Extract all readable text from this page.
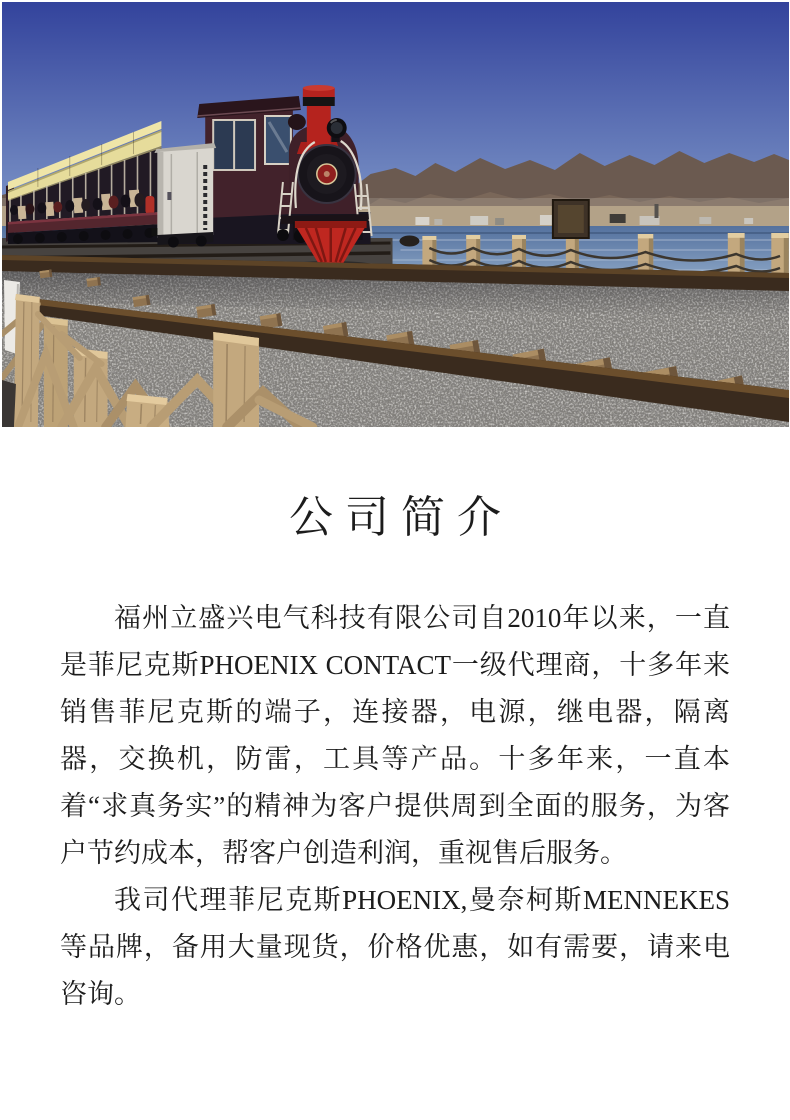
公司简介

福州立盛兴电气科技有限公司自2010年以来，一直是菲尼克斯PHOENIX CONTACT一级代理商，十多年来销售菲尼克斯的端子，连接器，电源，继电器，隔离器，交换机，防雷，工具等产品。十多年来，一直本着“求真务实”的精神为客户提供周到全面的服务，为客户节约成本，帮客户创造利润，重视售后服务。

我司代理菲尼克斯PHOENIX,曼奈柯斯MENNEKES等品牌，备用大量现货，价格优惠，如有需要，请来电咨询。
